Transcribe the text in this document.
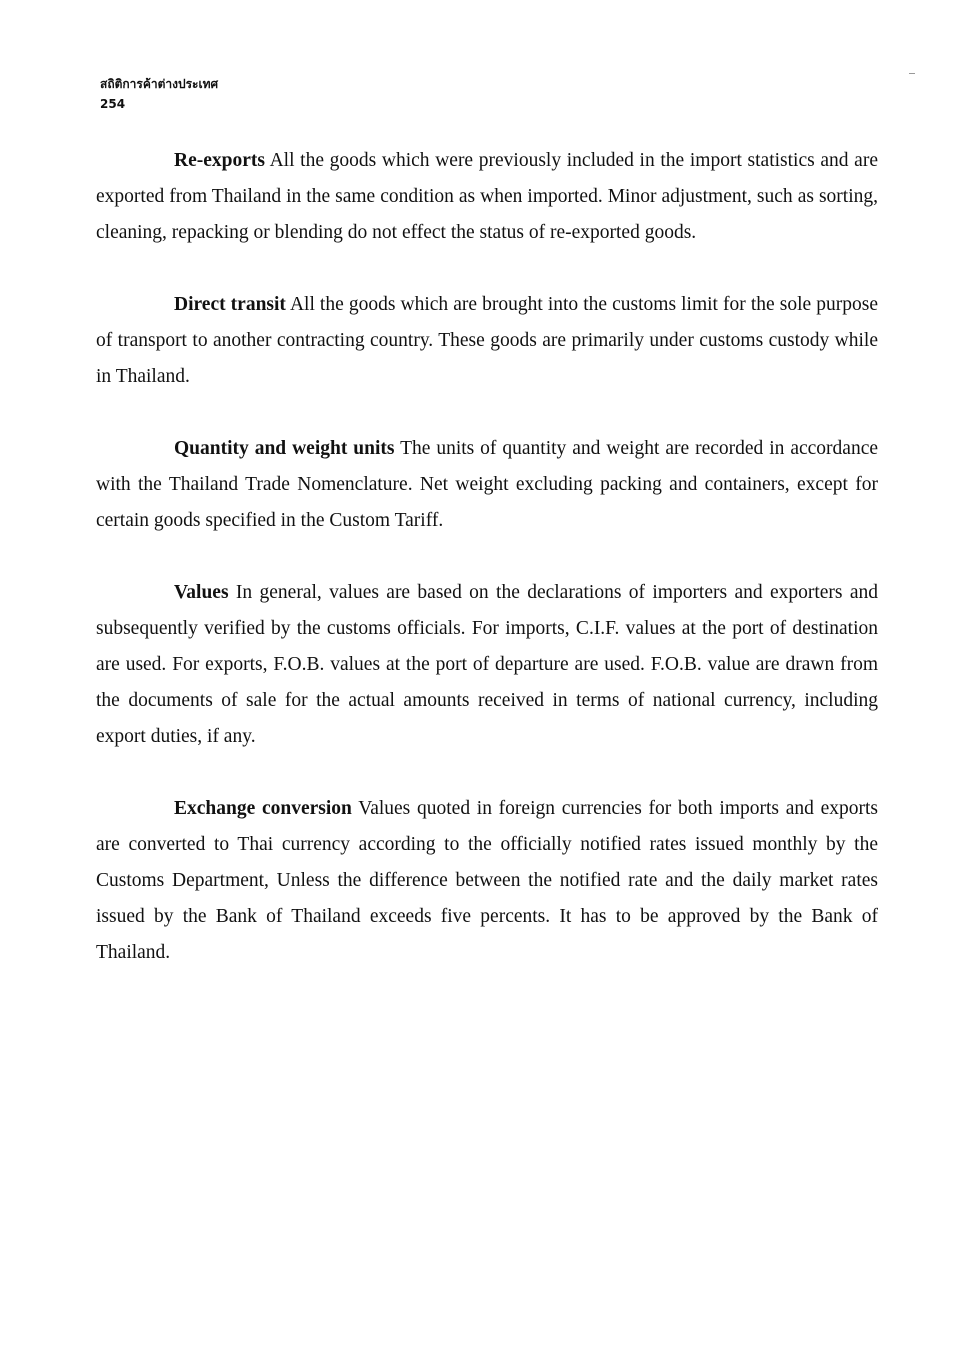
สถิติการค้าต่างประเทศ
254

Re-exports All the goods which were previously included in the import statistics and are exported from Thailand in the same condition as when imported. Minor adjustment, such as sorting, cleaning, repacking or blending do not effect the status of re-exported goods.

Direct transit All the goods which are brought into the customs limit for the sole purpose of transport to another contracting country. These goods are primarily under customs custody while in Thailand.

Quantity and weight units The units of quantity and weight are recorded in accordance with the Thailand Trade Nomenclature. Net weight excluding packing and containers, except for certain goods specified in the Custom Tariff.

Values In general, values are based on the declarations of importers and exporters and subsequently verified by the customs officials. For imports, C.I.F. values at the port of destination are used. For exports, F.O.B. values at the port of departure are used. F.O.B. value are drawn from the documents of sale for the actual amounts received in terms of national currency, including export duties, if any.

Exchange conversion Values quoted in foreign currencies for both imports and exports are converted to Thai currency according to the officially notified rates issued monthly by the Customs Department, Unless the difference between the notified rate and the daily market rates issued by the Bank of Thailand exceeds five percents. It has to be approved by the Bank of Thailand.
